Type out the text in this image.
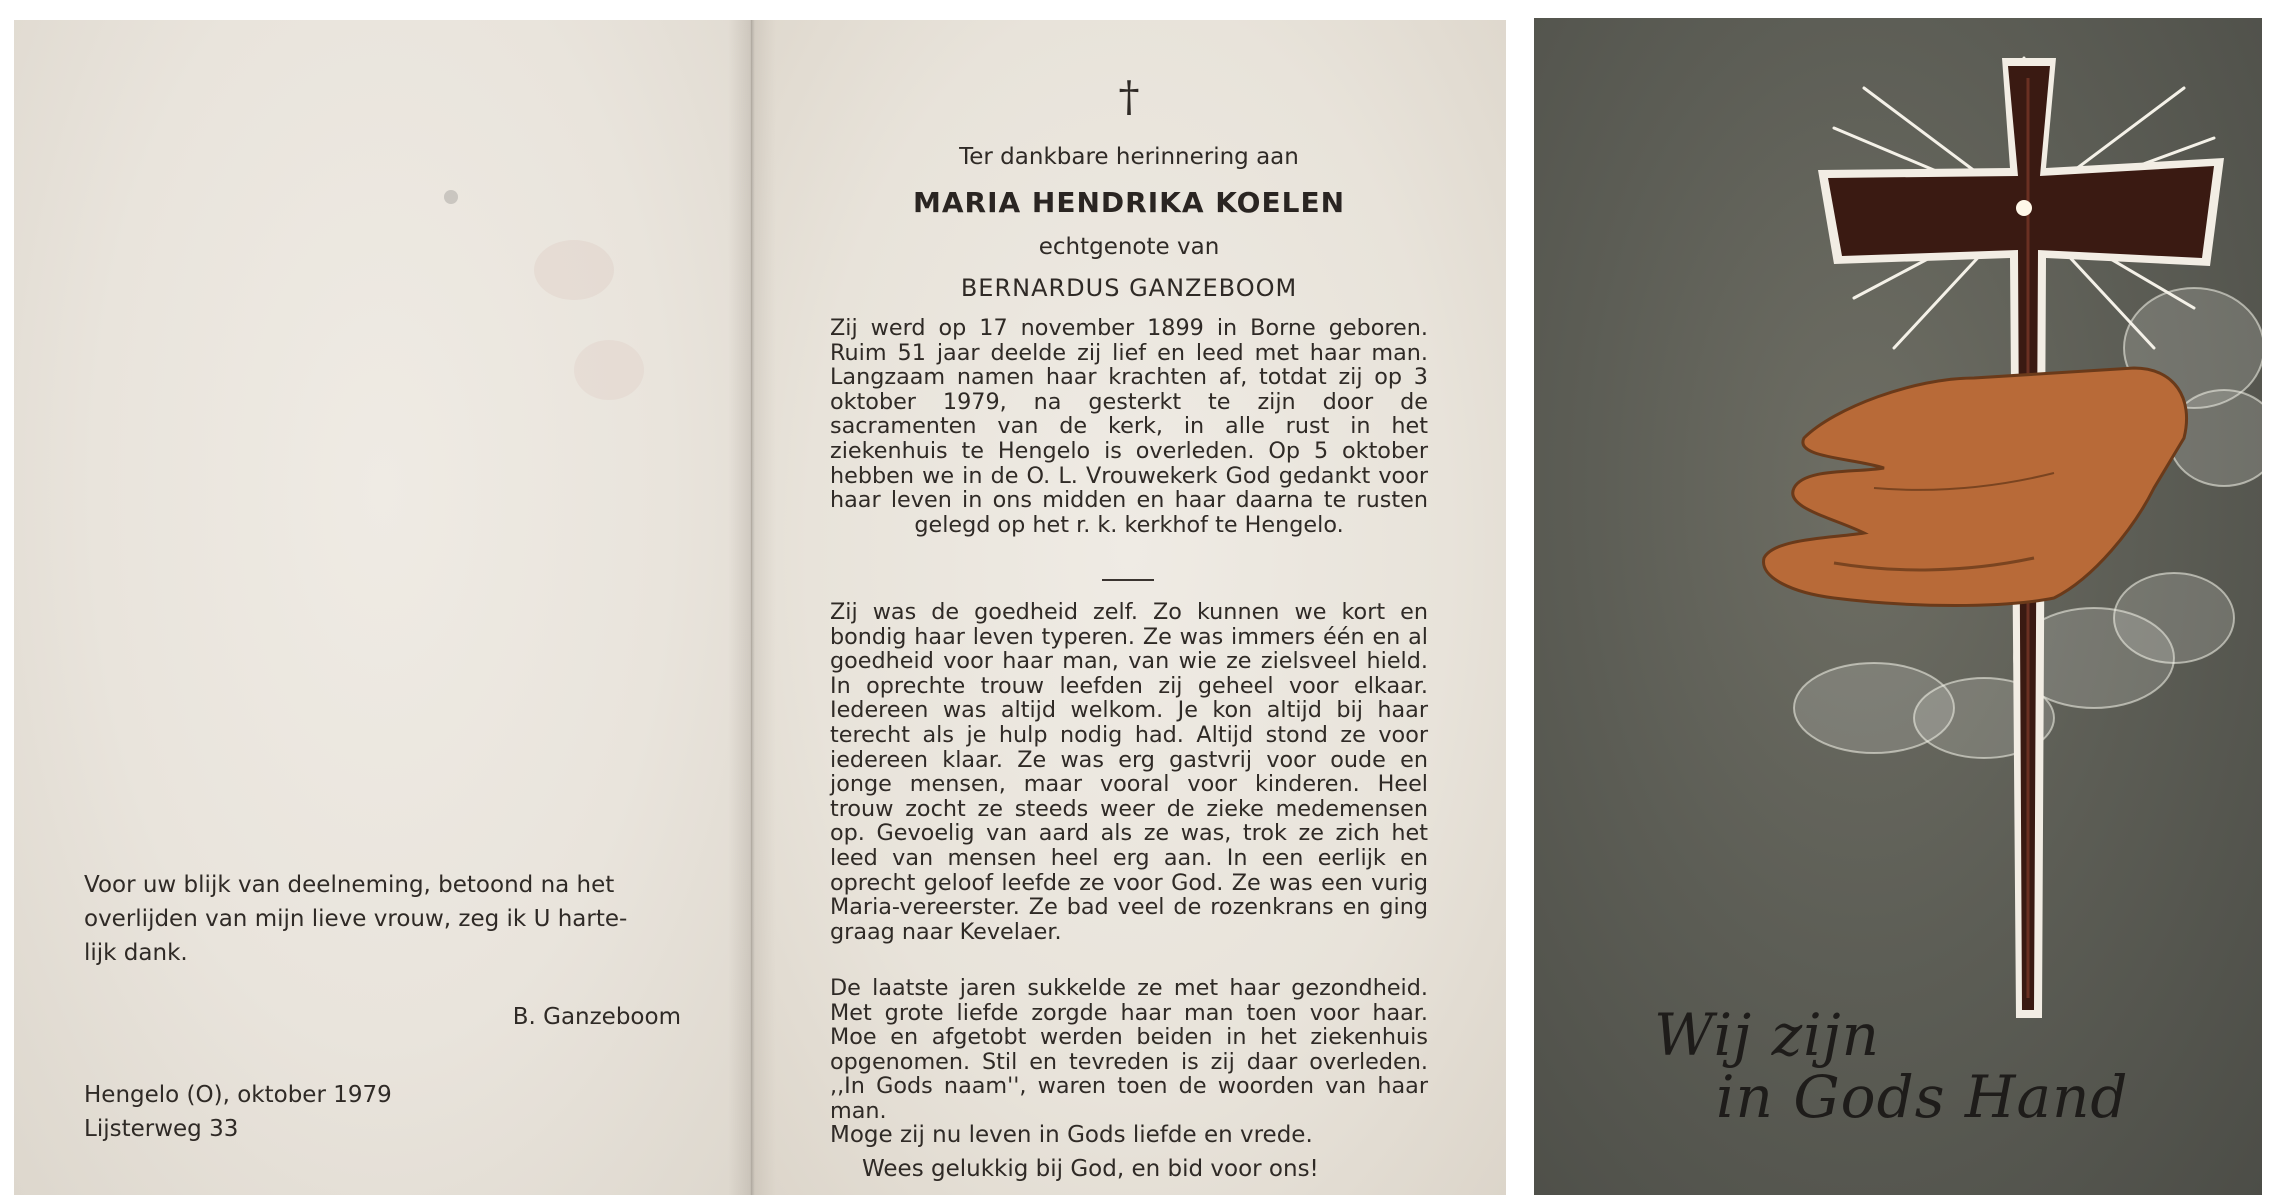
Voor uw blijk van deelneming, betoond na het

overlijden van mijn lieve vrouw, zeg ik U harte-

lijk dank.

B. Ganzeboom
Hengelo (O), oktober 1979
Lijsterweg 33
†
Ter dankbare herinnering aan
MARIA HENDRIKA KOELEN
echtgenote van
BERNARDUS GANZEBOOM
Zij werd op 17 november 1899 in Borne geboren. Ruim 51 jaar deelde zij lief en leed met haar man. Langzaam namen haar krachten af, totdat zij op 3 oktober 1979, na gesterkt te zijn door de sacramenten van de kerk, in alle rust in het ziekenhuis te Hengelo is overleden. Op 5 oktober hebben we in de O. L. Vrouwekerk God gedankt voor haar leven in ons midden en haar daarna te rusten gelegd op het r. k. kerkhof te Hengelo.
Zij was de goedheid zelf. Zo kunnen we kort en bondig haar leven typeren. Ze was immers één en al goedheid voor haar man, van wie ze zielsveel hield. In oprechte trouw leefden zij geheel voor elkaar. Iedereen was altijd welkom. Je kon altijd bij haar terecht als je hulp nodig had. Altijd stond ze voor iedereen klaar. Ze was erg gastvrij voor oude en jonge mensen, maar vooral voor kinderen. Heel trouw zocht ze steeds weer de zieke medemensen op. Gevoelig van aard als ze was, trok ze zich het leed van mensen heel erg aan. In een eerlijk en oprecht geloof leefde ze voor God. Ze was een vurig Maria-vereerster. Ze bad veel de rozenkrans en ging graag naar Kevelaer.
De laatste jaren sukkelde ze met haar gezondheid. Met grote liefde zorgde haar man toen voor haar. Moe en afgetobt werden beiden in het ziekenhuis opgenomen. Stil en tevreden is zij daar overleden. ,,In Gods naam'', waren toen de woorden van haar man.
Moge zij nu leven in Gods liefde en vrede.
Wees gelukkig bij God, en bid voor ons!
Wij zijn
in Gods Hand
